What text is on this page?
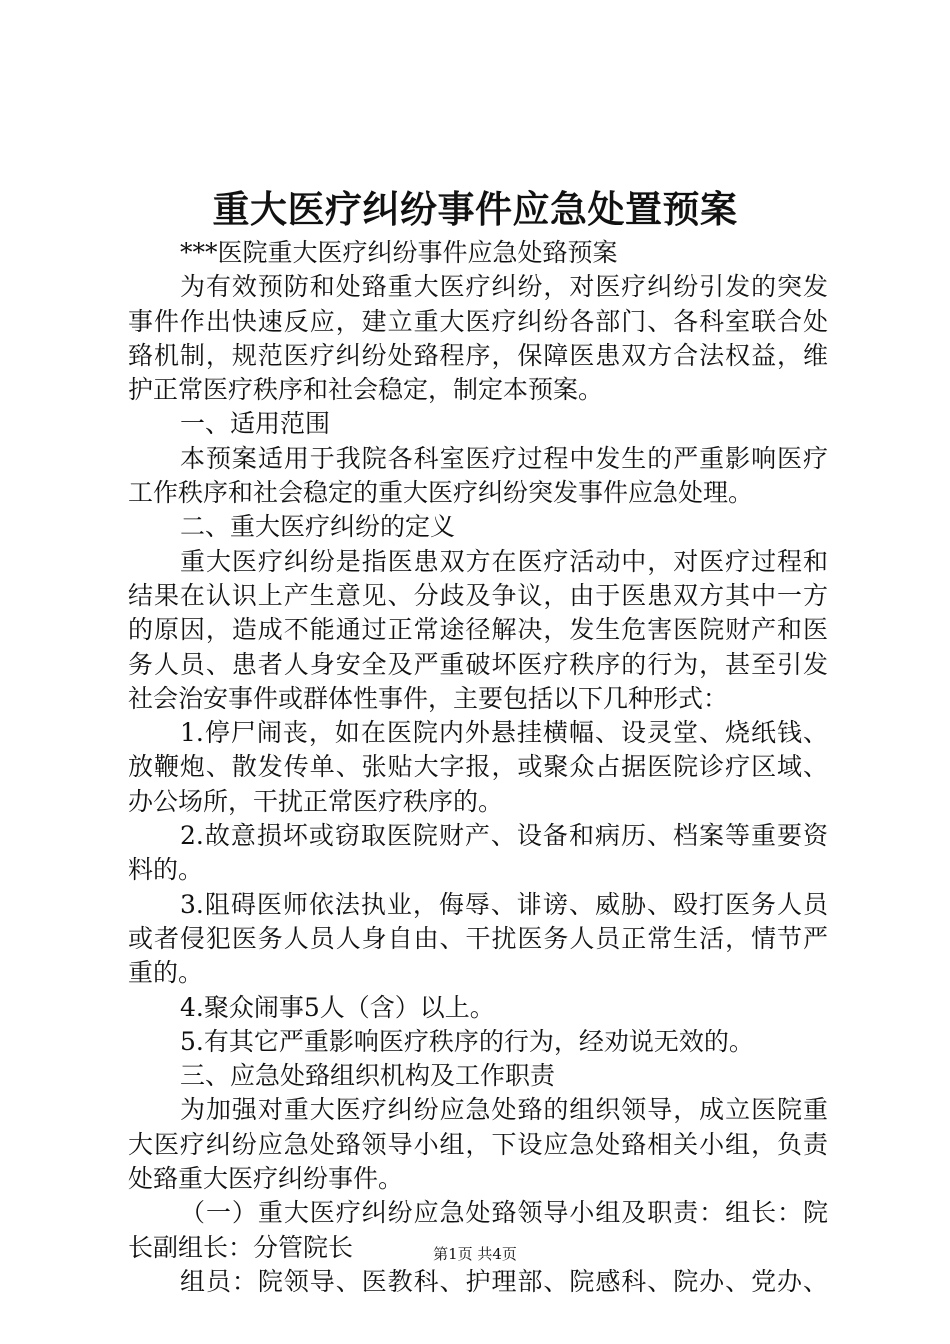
重大医疗纠纷事件应急处置预案
***医院重大医疗纠纷事件应急处臵预案
为有效预防和处臵重大医疗纠纷，对医疗纠纷引发的突发
事件作出快速反应，建立重大医疗纠纷各部门、各科室联合处
臵机制，规范医疗纠纷处臵程序，保障医患双方合法权益，维
护正常医疗秩序和社会稳定，制定本预案。
一、适用范围
本预案适用于我院各科室医疗过程中发生的严重影响医疗
工作秩序和社会稳定的重大医疗纠纷突发事件应急处理。
二、重大医疗纠纷的定义
重大医疗纠纷是指医患双方在医疗活动中，对医疗过程和
结果在认识上产生意见、分歧及争议，由于医患双方其中一方
的原因，造成不能通过正常途径解决，发生危害医院财产和医
务人员、患者人身安全及严重破坏医疗秩序的行为，甚至引发
社会治安事件或群体性事件，主要包括以下几种形式：
1.停尸闹丧，如在医院内外悬挂横幅、设灵堂、烧纸钱、
放鞭炮、散发传单、张贴大字报，或聚众占据医院诊疗区域、
办公场所，干扰正常医疗秩序的。
2.故意损坏或窃取医院财产、设备和病历、档案等重要资
料的。
3.阻碍医师依法执业，侮辱、诽谤、威胁、殴打医务人员
或者侵犯医务人员人身自由、干扰医务人员正常生活，情节严
重的。
4.聚众闹事5人（含）以上。
5.有其它严重影响医疗秩序的行为，经劝说无效的。
三、应急处臵组织机构及工作职责
为加强对重大医疗纠纷应急处臵的组织领导，成立医院重
大医疗纠纷应急处臵领导小组，下设应急处臵相关小组，负责
处臵重大医疗纠纷事件。
（一）重大医疗纠纷应急处臵领导小组及职责：组长：院
长副组长：分管院长
组员：院领导、医教科、护理部、院感科、院办、党办、
第1页 共4页
